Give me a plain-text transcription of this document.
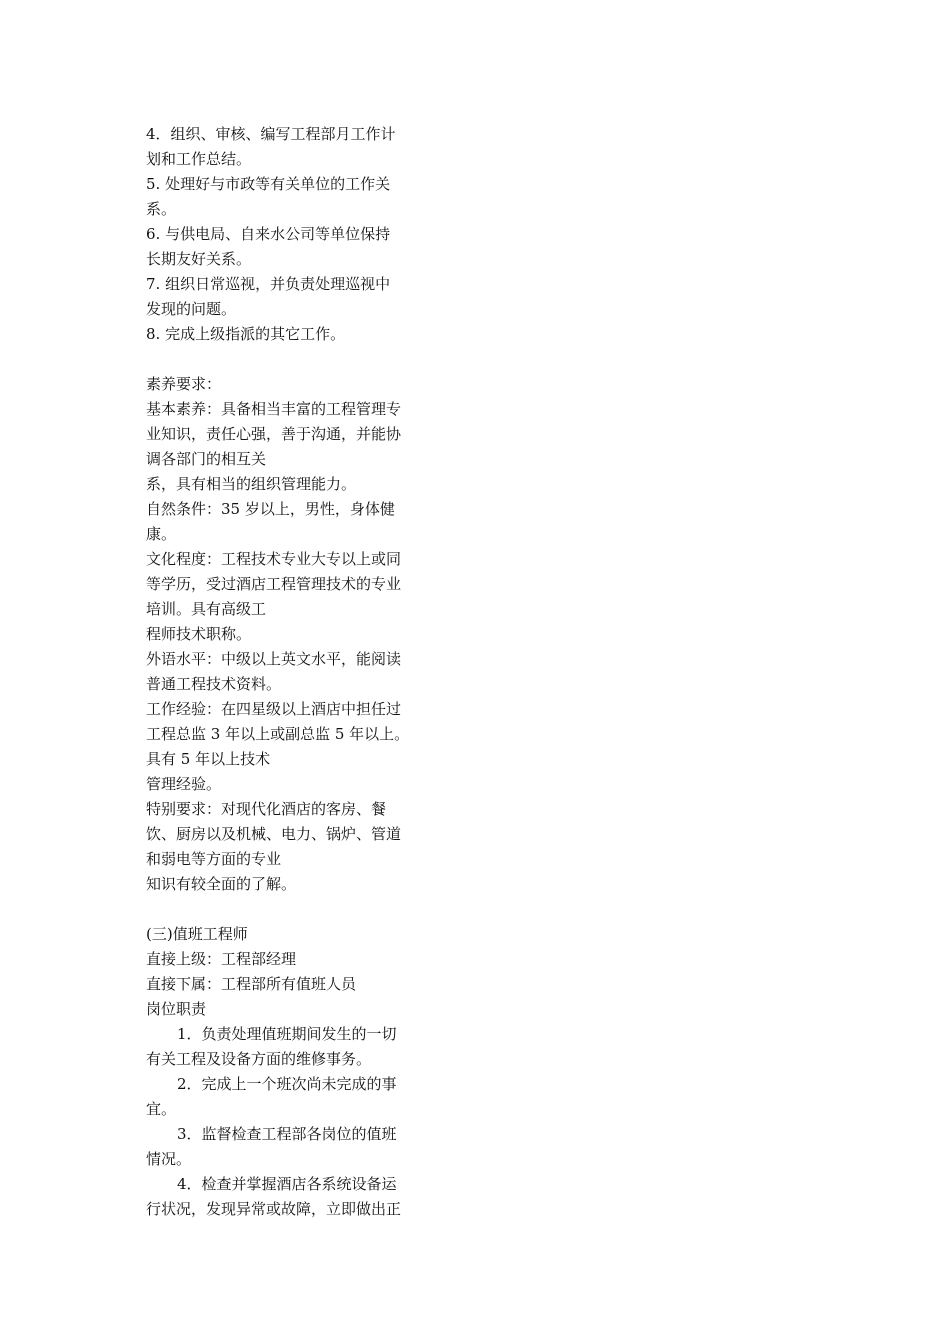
4．组织、审核、编写工程部月工作计
划和工作总结。
5. 处理好与市政等有关单位的工作关
系。
6. 与供电局、自来水公司等单位保持
长期友好关系。
7. 组织日常巡视，并负责处理巡视中
发现的问题。
8. 完成上级指派的其它工作。
素养要求：
基本素养：具备相当丰富的工程管理专
业知识，责任心强，善于沟通，并能协
调各部门的相互关
系，具有相当的组织管理能力。
自然条件：35 岁以上，男性，身体健
康。
文化程度：工程技术专业大专以上或同
等学历，受过酒店工程管理技术的专业
培训。具有高级工
程师技术职称。
外语水平：中级以上英文水平，能阅读
普通工程技术资料。
工作经验：在四星级以上酒店中担任过
工程总监 3 年以上或副总监 5 年以上。
具有 5 年以上技术
管理经验。
特别要求：对现代化酒店的客房、餐
饮、厨房以及机械、电力、锅炉、管道
和弱电等方面的专业
知识有较全面的了解。
(三)值班工程师
直接上级：工程部经理
直接下属：工程部所有值班人员
岗位职责
1．负责处理值班期间发生的一切
有关工程及设备方面的维修事务。
2．完成上一个班次尚未完成的事
宜。
3．监督检查工程部各岗位的值班
情况。
4．检查并掌握酒店各系统设备运
行状况，发现异常或故障，立即做出正
